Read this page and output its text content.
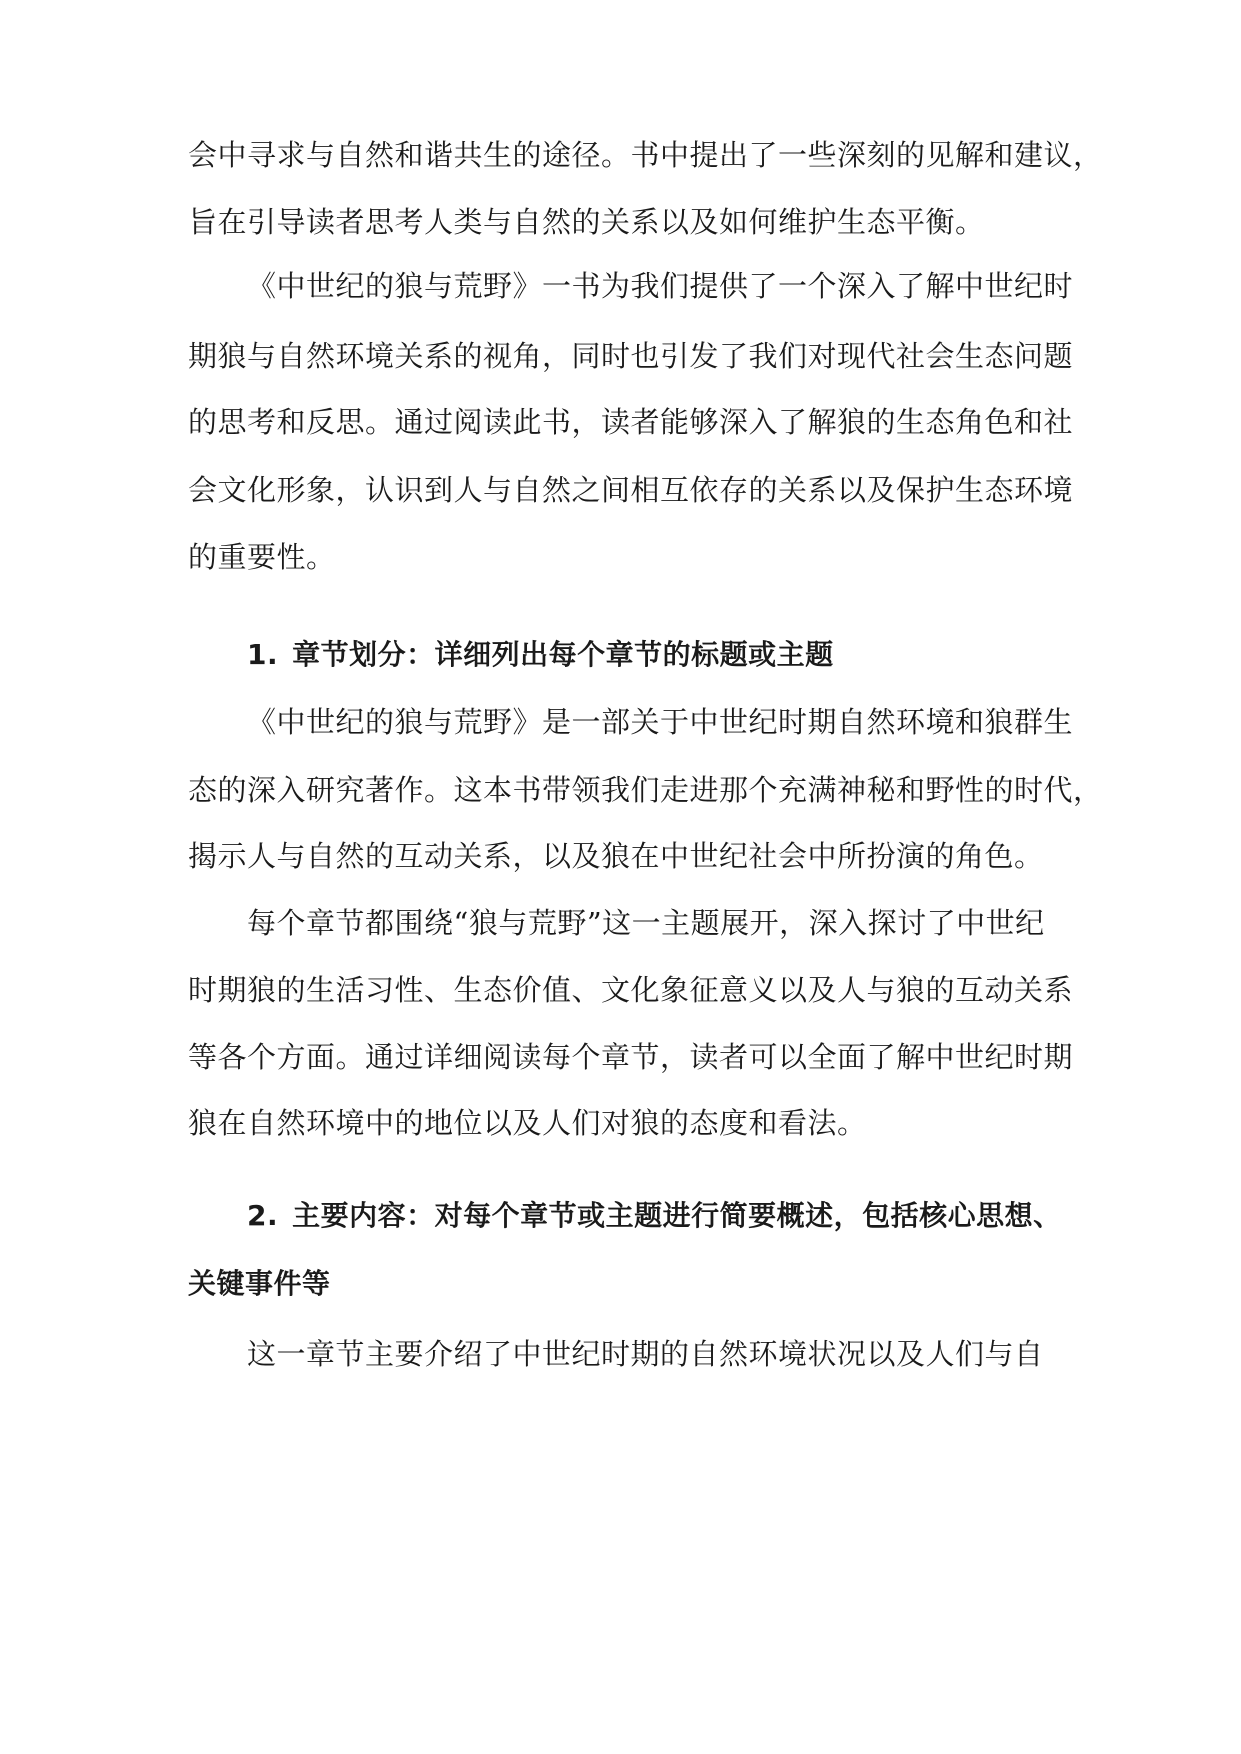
会中寻求与自然和谐共生的途径。书中提出了一些深刻的见解和建议，
旨在引导读者思考人类与自然的关系以及如何维护生态平衡。
《中世纪的狼与荒野》一书为我们提供了一个深入了解中世纪时
期狼与自然环境关系的视角，同时也引发了我们对现代社会生态问题
的思考和反思。通过阅读此书，读者能够深入了解狼的生态角色和社
会文化形象，认识到人与自然之间相互依存的关系以及保护生态环境
的重要性。
1. 章节划分：详细列出每个章节的标题或主题
《中世纪的狼与荒野》是一部关于中世纪时期自然环境和狼群生
态的深入研究著作。这本书带领我们走进那个充满神秘和野性的时代，
揭示人与自然的互动关系，以及狼在中世纪社会中所扮演的角色。
每个章节都围绕“狼与荒野”这一主题展开，深入探讨了中世纪
时期狼的生活习性、生态价值、文化象征意义以及人与狼的互动关系
等各个方面。通过详细阅读每个章节，读者可以全面了解中世纪时期
狼在自然环境中的地位以及人们对狼的态度和看法。
2. 主要内容：对每个章节或主题进行简要概述，包括核心思想、
关键事件等
这一章节主要介绍了中世纪时期的自然环境状况以及人们与自
